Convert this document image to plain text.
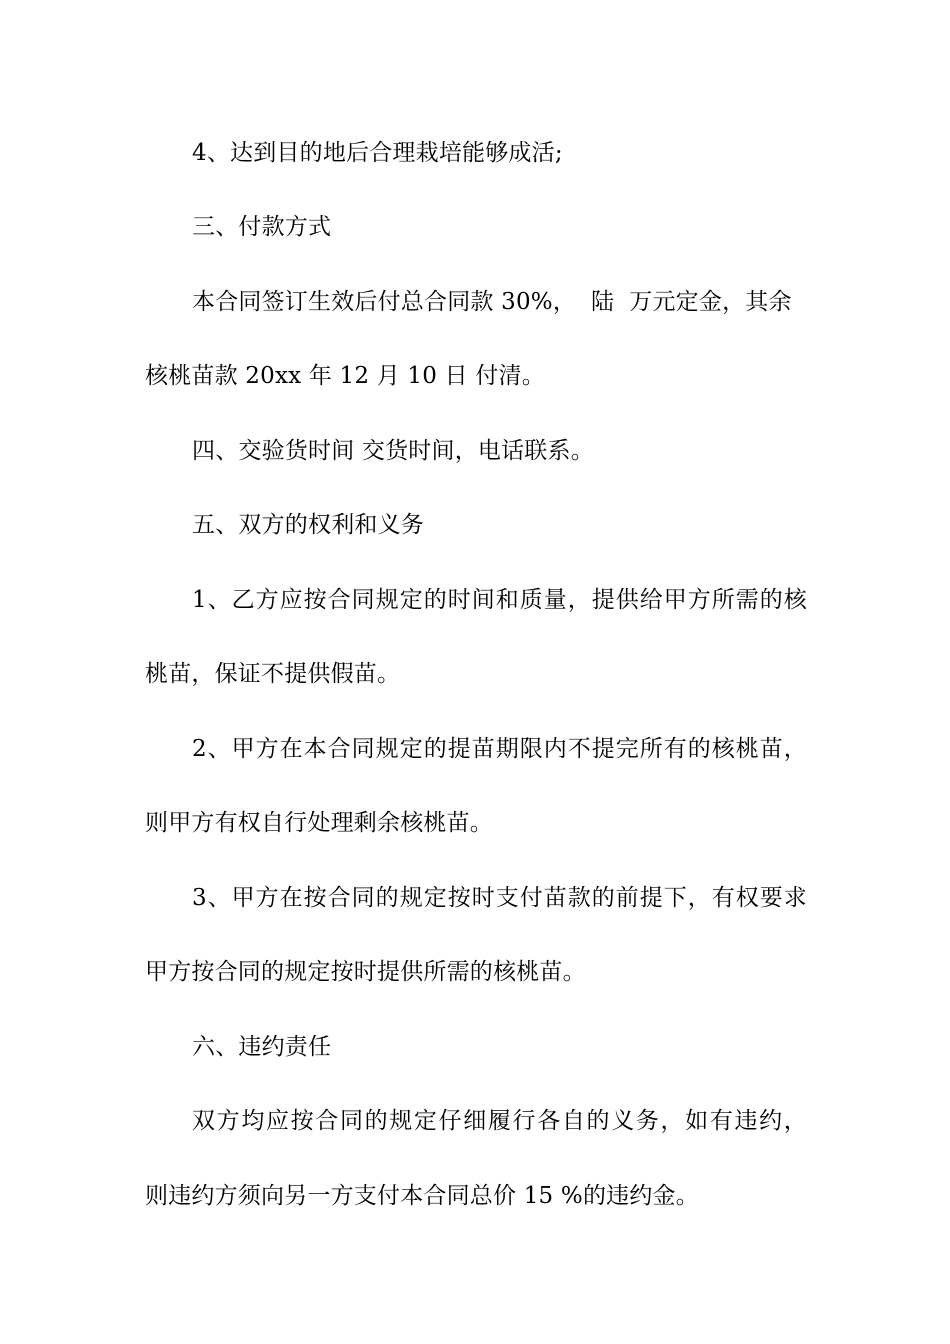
4、达到目的地后合理栽培能够成活;
三、付款方式
本合同签订生效后付总合同款 30%，  陆  万元定金，其余
核桃苗款 20xx 年 12 月 10 日 付清。
四、交验货时间 交货时间，电话联系。
五、双方的权利和义务
1、乙方应按合同规定的时间和质量，提供给甲方所需的核
桃苗，保证不提供假苗。
2、甲方在本合同规定的提苗期限内不提完所有的核桃苗，
则甲方有权自行处理剩余核桃苗。
3、甲方在按合同的规定按时支付苗款的前提下，有权要求
甲方按合同的规定按时提供所需的核桃苗。
六、违约责任
双方均应按合同的规定仔细履行各自的义务，如有违约，
则违约方须向另一方支付本合同总价 15 %的违约金。
